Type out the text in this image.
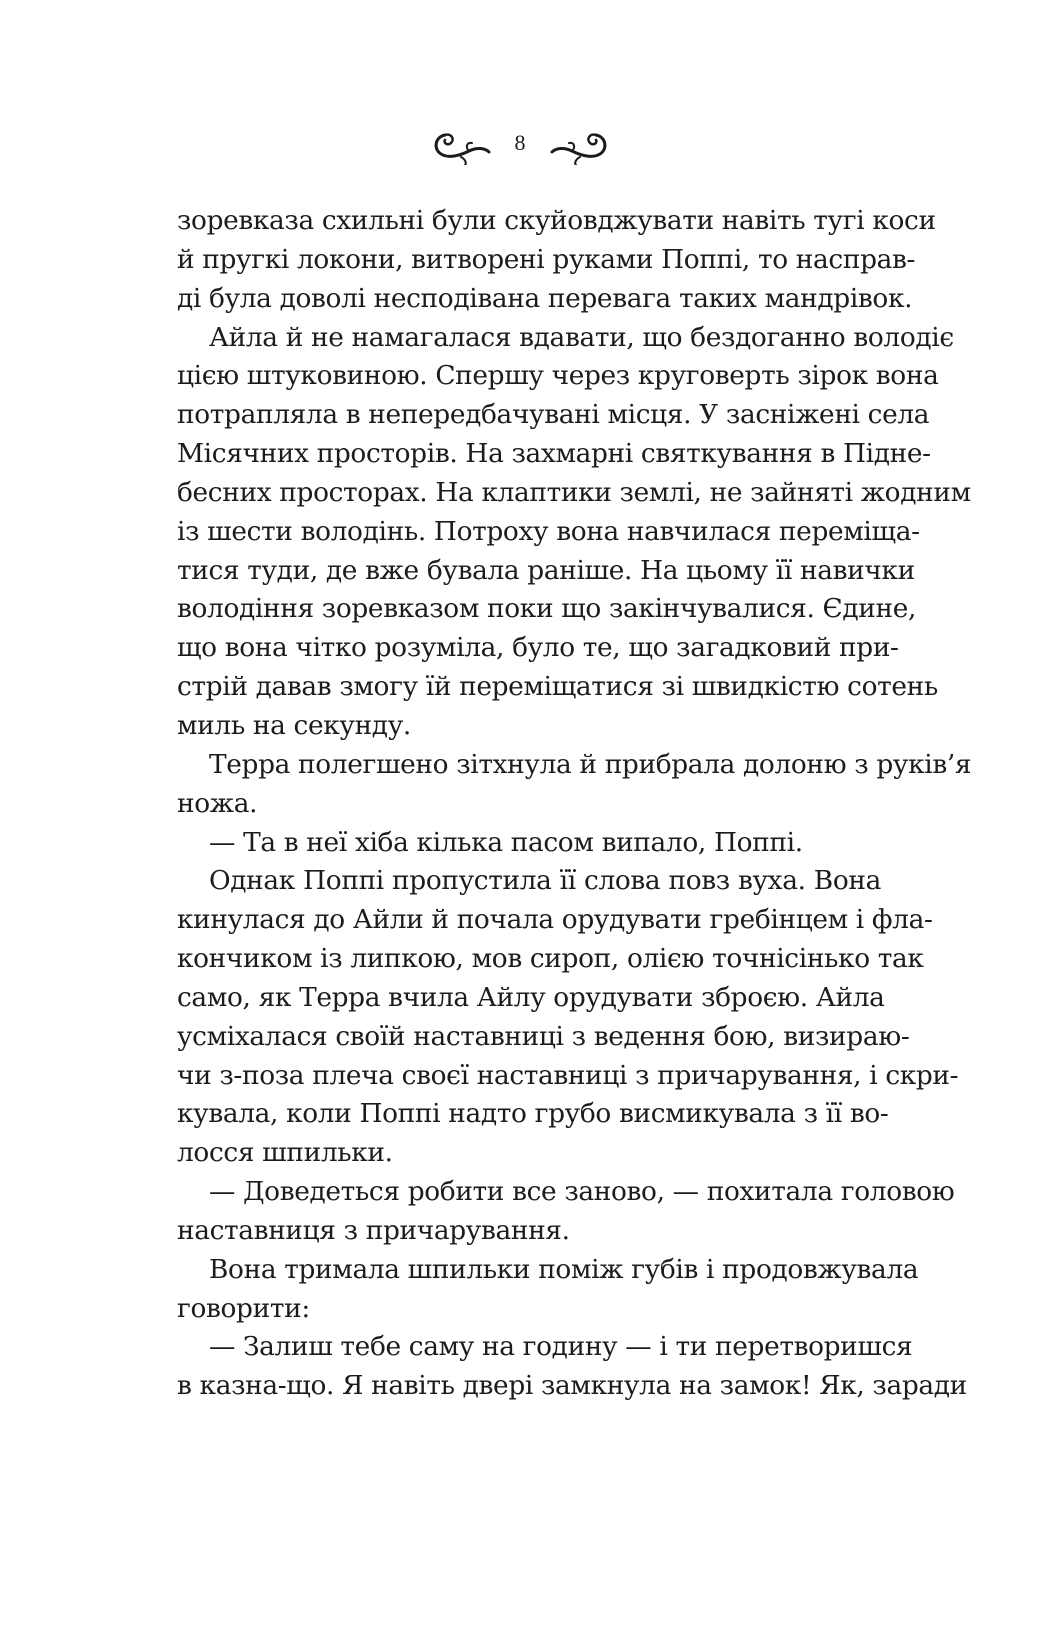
8
зоревказа схильні були скуйовджувати навіть тугі коси
й пругкі локони, витворені руками Поппі, то насправ-
ді була доволі несподівана перевага таких мандрівок.
Айла й не намагалася вдавати, що бездоганно володіє
цією штуковиною. Спершу через круговерть зірок вона
потрапляла в непередбачувані місця. У засніжені села
Місячних просторів. На захмарні святкування в Підне-
бесних просторах. На клаптики землі, не зайняті жодним
із шести володінь. Потроху вона навчилася переміща-
тися туди, де вже бувала раніше. На цьому її навички
володіння зоревказом поки що закінчувалися. Єдине,
що вона чітко розуміла, було те, що загадковий при-
стрій давав змогу їй переміщатися зі швидкістю сотень
миль на секунду.
Терра полегшено зітхнула й прибрала долоню з руків’я
ножа.
— Та в неї хіба кілька пасом випало, Поппі.
Однак Поппі пропустила її слова повз вуха. Вона
кинулася до Айли й почала орудувати гребінцем і фла-
кончиком із липкою, мов сироп, олією точнісінько так
само, як Терра вчила Айлу орудувати зброєю. Айла
усміхалася своїй наставниці з ведення бою, визираю-
чи з-поза плеча своєї наставниці з причарування, і скри-
кувала, коли Поппі надто грубо висмикувала з її во-
лосся шпильки.
— Доведеться робити все заново, — похитала головою
наставниця з причарування.
Вона тримала шпильки поміж губів і продовжувала
говорити:
— Залиш тебе саму на годину — і ти перетворишся
в казна-що. Я навіть двері замкнула на замок! Як, заради
